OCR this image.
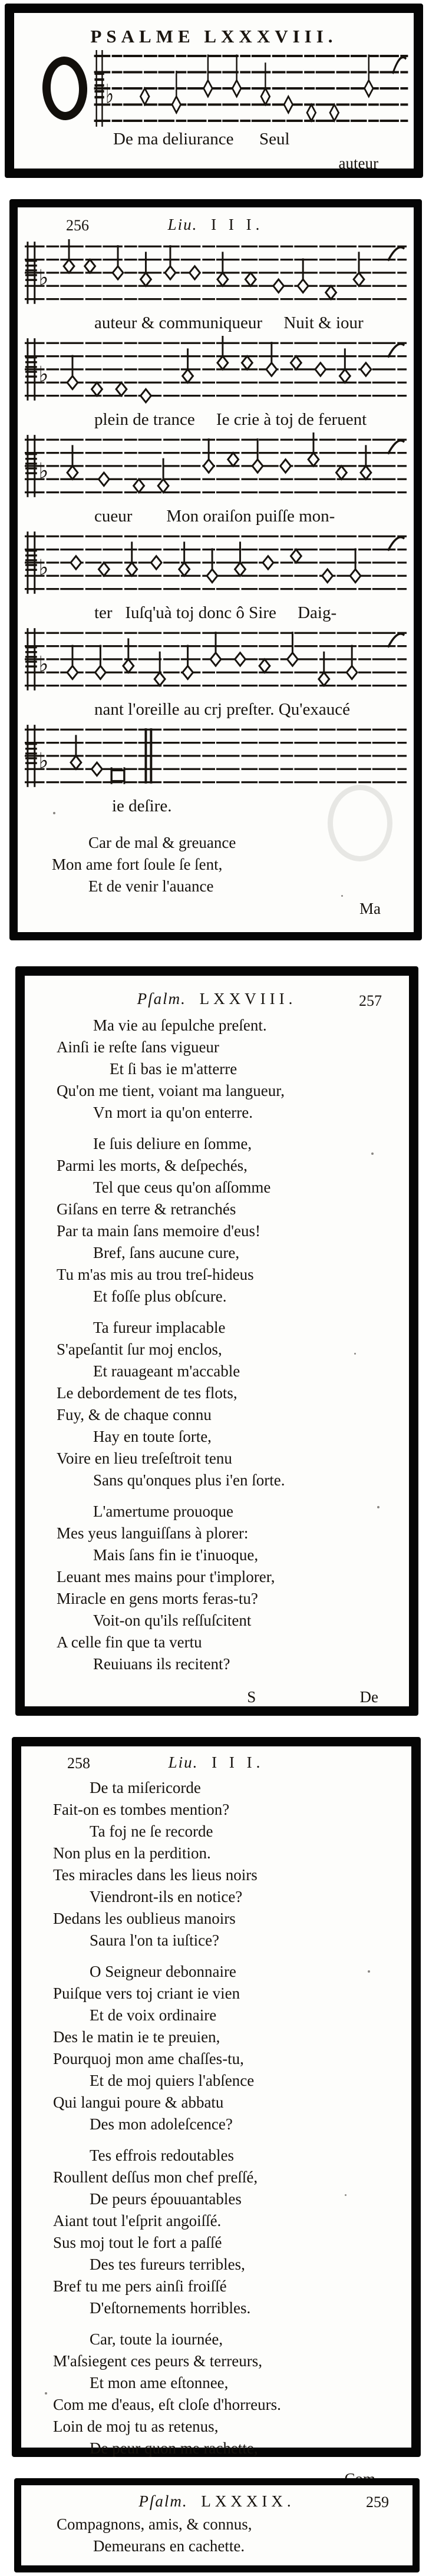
PSALME LXXXVIII.
♭
De ma deliurance      Seul
auteur
256	Liu. I I I.
♭
auteur & communiqueur     Nuit & iour
♭
plein de trance     Ie crie à toj de feruent
♭
cueur        Mon oraiſon puiſſe mon-
♭
ter   Iuſq'uà toj donc ô Sire     Daig-
♭
nant l'oreille au crj preſter. Qu'exaucé
♭
ie deſire.
Car de mal & greuance
Mon ame fort ſoule ſe ſent,
Et de venir l'auance
Ma
Pſalm. LXXVIII.	257
Ma vie au ſepulche preſent.
Ainſi ie reſte ſans vigueur
Et ſi bas ie m'atterre
Qu'on me tient, voiant ma langueur,
Vn mort ia qu'on enterre.
Ie ſuis deliure en ſomme,
Parmi les morts, & deſpechés,
Tel que ceus qu'on aſſomme
Giſans en terre & retranchés
Par ta main ſans memoire d'eus!
Bref, ſans aucune cure,
Tu m'as mis au trou treſ-hideus
Et foſſe plus obſcure.
Ta fureur implacable
S'apeſantit ſur moj enclos,
Et rauageant m'accable
Le debordement de tes flots,
Fuy, & de chaque connu
Hay en toute ſorte,
Voire en lieu treſeſtroit tenu
Sans qu'onques plus i'en ſorte.
L'amertume prouoque
Mes yeus languiſſans à plorer:
Mais ſans fin ie t'inuoque,
Leuant mes mains pour t'implorer,
Miracle en gens morts feras-tu?
Voit-on qu'ils reſſuſcitent
A celle fin que ta vertu
Reuiuans ils recitent?
S	De
258	Liu. I I I.
De ta miſericorde
Fait-on es tombes mention?
Ta foj ne ſe recorde
Non plus en la perdition.
Tes miracles dans les lieus noirs
Viendront-ils en notice?
Dedans les oublieus manoirs
Saura l'on ta iuſtice?
O Seigneur debonnaire
Puiſque vers toj criant ie vien
Et de voix ordinaire
Des le matin ie te preuien,
Pourquoj mon ame chaſſes-tu,
Et de moj quiers l'abſence
Qui langui poure & abbatu
Des mon adoleſcence?
Tes effrois redoutables
Roullent deſſus mon chef preſſé,
De peurs épouuantables
Aiant tout l'eſprit angoiſſé.
Sus moj tout le fort a paſſé
Des tes fureurs terribles,
Bref tu me pers ainſi froiſſé
D'eſtornements horribles.
Car, toute la iournée,
M'aſsiegent ces peurs & terreurs,
Et mon ame eſtonnee,
Com me d'eaus, eſt cloſe d'horreurs.
Loin de moj tu as retenus,
De peur quon me rachette,
Pſalm. LXXXIX.	259
Compagnons, amis, & connus,
Demeurans en cachette.
